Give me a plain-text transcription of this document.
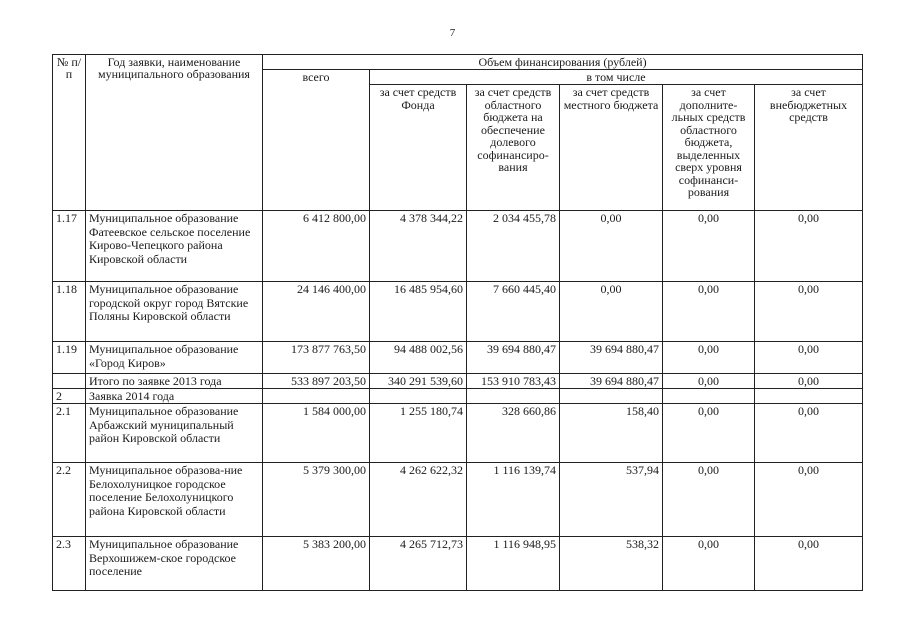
7
№ п/п	Год заявки, наименование муниципального образования	Объем финансирования (рублей)					
		всего	в том числе				
			за счет средств Фонда	за счет средств областного бюджета на обеспечение долевого софинансиро-вания	за счет средств местного бюджета	за счет дополните-льных средств областного бюджета, выделенных сверх уровня софинанси-рования	за счет внебюджетных средств
1.17	Муниципальное образование Фатеевское сельское поселение Кирово-Чепецкого района Кировской области	6 412 800,00	4 378 344,22	2 034 455,78	0,00	0,00	0,00
1.18	Муниципальное образование городской округ город Вятские Поляны Кировской области	24 146 400,00	16 485 954,60	7 660 445,40	0,00	0,00	0,00
1.19	Муниципальное образование «Город Киров»	173 877 763,50	94 488 002,56	39 694 880,47	39 694 880,47	0,00	0,00
	Итого по заявке 2013 года	533 897 203,50	340 291 539,60	153 910 783,43	39 694 880,47	0,00	0,00
2	Заявка 2014 года						
2.1	Муниципальное образование Арбажский муниципальный район Кировской области	1 584 000,00	1 255 180,74	328 660,86	158,40	0,00	0,00
2.2	Муниципальное образова-ние Белохолуницкое городское поселение Белохолуницкого района Кировской области	5 379 300,00	4 262 622,32	1 116 139,74	537,94	0,00	0,00
2.3	Муниципальное образование Верхошижем-ское городское поселение	5 383 200,00	4 265 712,73	1 116 948,95	538,32	0,00	0,00
